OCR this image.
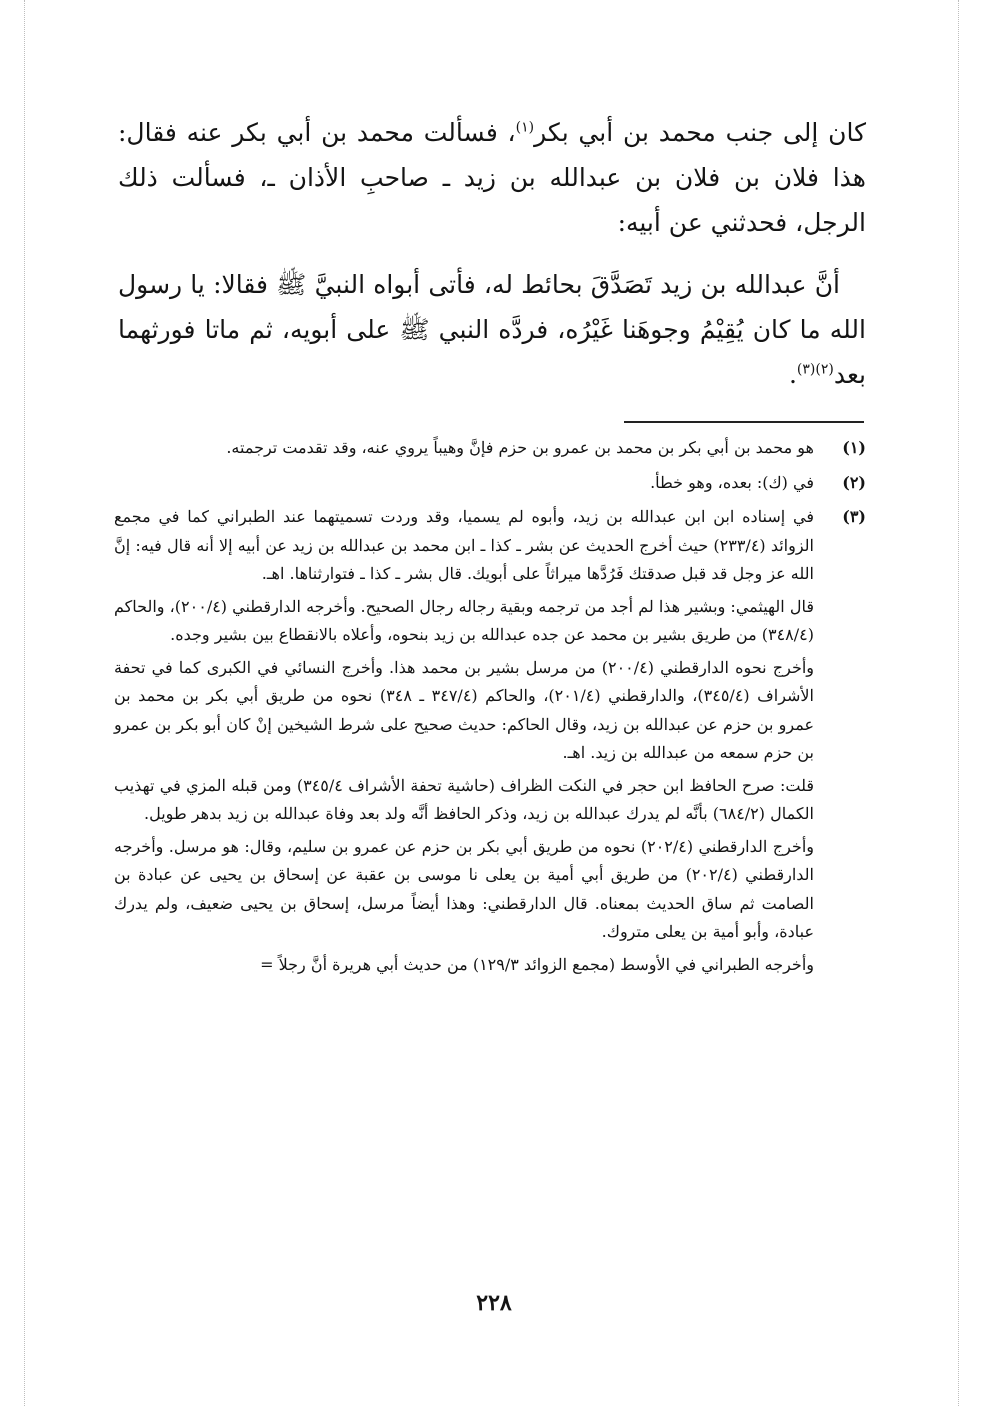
كان إلى جنب محمد بن أبي بكر$^{(١)}$، فسألت محمد بن أبي بكر عنه فقال: هذا فلان بن فلان بن عبدالله بن زيد ـ صاحبِ الأذان ـ، فسألت ذلك الرجل، فحدثني عن أبيه:

أنَّ عبدالله بن زيد تَصَدَّقَ بحائط له، فأتى أبواه النبيَّ ﷺ فقالا: يا رسول الله ما كان يُقِيْمُ وجوهَنا غَيْرُه، فردَّه النبي ﷺ على أبويه، ثم ماتا فورثهما بعد$^{(٢)(٣)}$.

(١)

هو محمد بن أبي بكر بن محمد بن عمرو بن حزم فإنَّ وهيباً يروي عنه، وقد تقدمت ترجمته.

(٢)

في (ك): بعده، وهو خطأ.

(٣)

في إسناده ابن ابن عبدالله بن زيد، وأبوه لم يسميا، وقد وردت تسميتهما عند الطبراني كما في مجمع الزوائد (٢٣٣/٤) حيث أخرج الحديث عن بشر ـ كذا ـ ابن محمد بن عبدالله بن زيد عن أبيه إلا أنه قال فيه: إنَّ الله عز وجل قد قبل صدقتك فَرُدَّها ميراثاً على أبويك. قال بشر ـ كذا ـ فتوارثناها. اهـ.

قال الهيثمي: وبشير هذا لم أجد من ترجمه وبقية رجاله رجال الصحيح. وأخرجه الدارقطني (٢٠٠/٤)، والحاكم (٣٤٨/٤) من طريق بشير بن محمد عن جده عبدالله بن زيد بنحوه، وأعلاه بالانقطاع بين بشير وجده.

وأخرج نحوه الدارقطني (٢٠٠/٤) من مرسل بشير بن محمد هذا. وأخرج النسائي في الكبرى كما في تحفة الأشراف (٣٤٥/٤)، والدارقطني (٢٠١/٤)، والحاكم (٣٤٧/٤ ـ ٣٤٨) نحوه من طريق أبي بكر بن محمد بن عمرو بن حزم عن عبدالله بن زيد، وقال الحاكم: حديث صحيح على شرط الشيخين إنْ كان أبو بكر بن عمرو بن حزم سمعه من عبدالله بن زيد. اهـ.

قلت: صرح الحافظ ابن حجر في النكت الظراف (حاشية تحفة الأشراف ٣٤٥/٤) ومن قبله المزي في تهذيب الكمال (٦٨٤/٢) بأنَّه لم يدرك عبدالله بن زيد، وذكر الحافظ أنَّه ولد بعد وفاة عبدالله بن زيد بدهر طويل.

وأخرج الدارقطني (٢٠٢/٤) نحوه من طريق أبي بكر بن حزم عن عمرو بن سليم، وقال: هو مرسل. وأخرجه الدارقطني (٢٠٢/٤) من طريق أبي أمية بن يعلى نا موسى بن عقبة عن إسحاق بن يحيى عن عبادة بن الصامت ثم ساق الحديث بمعناه. قال الدارقطني: وهذا أيضاً مرسل، إسحاق بن يحيى ضعيف، ولم يدرك عبادة، وأبو أمية بن يعلى متروك.

وأخرجه الطبراني في الأوسط (مجمع الزوائد ١٢٩/٣) من حديث أبي هريرة أنَّ رجلاً =

٢٢٨
